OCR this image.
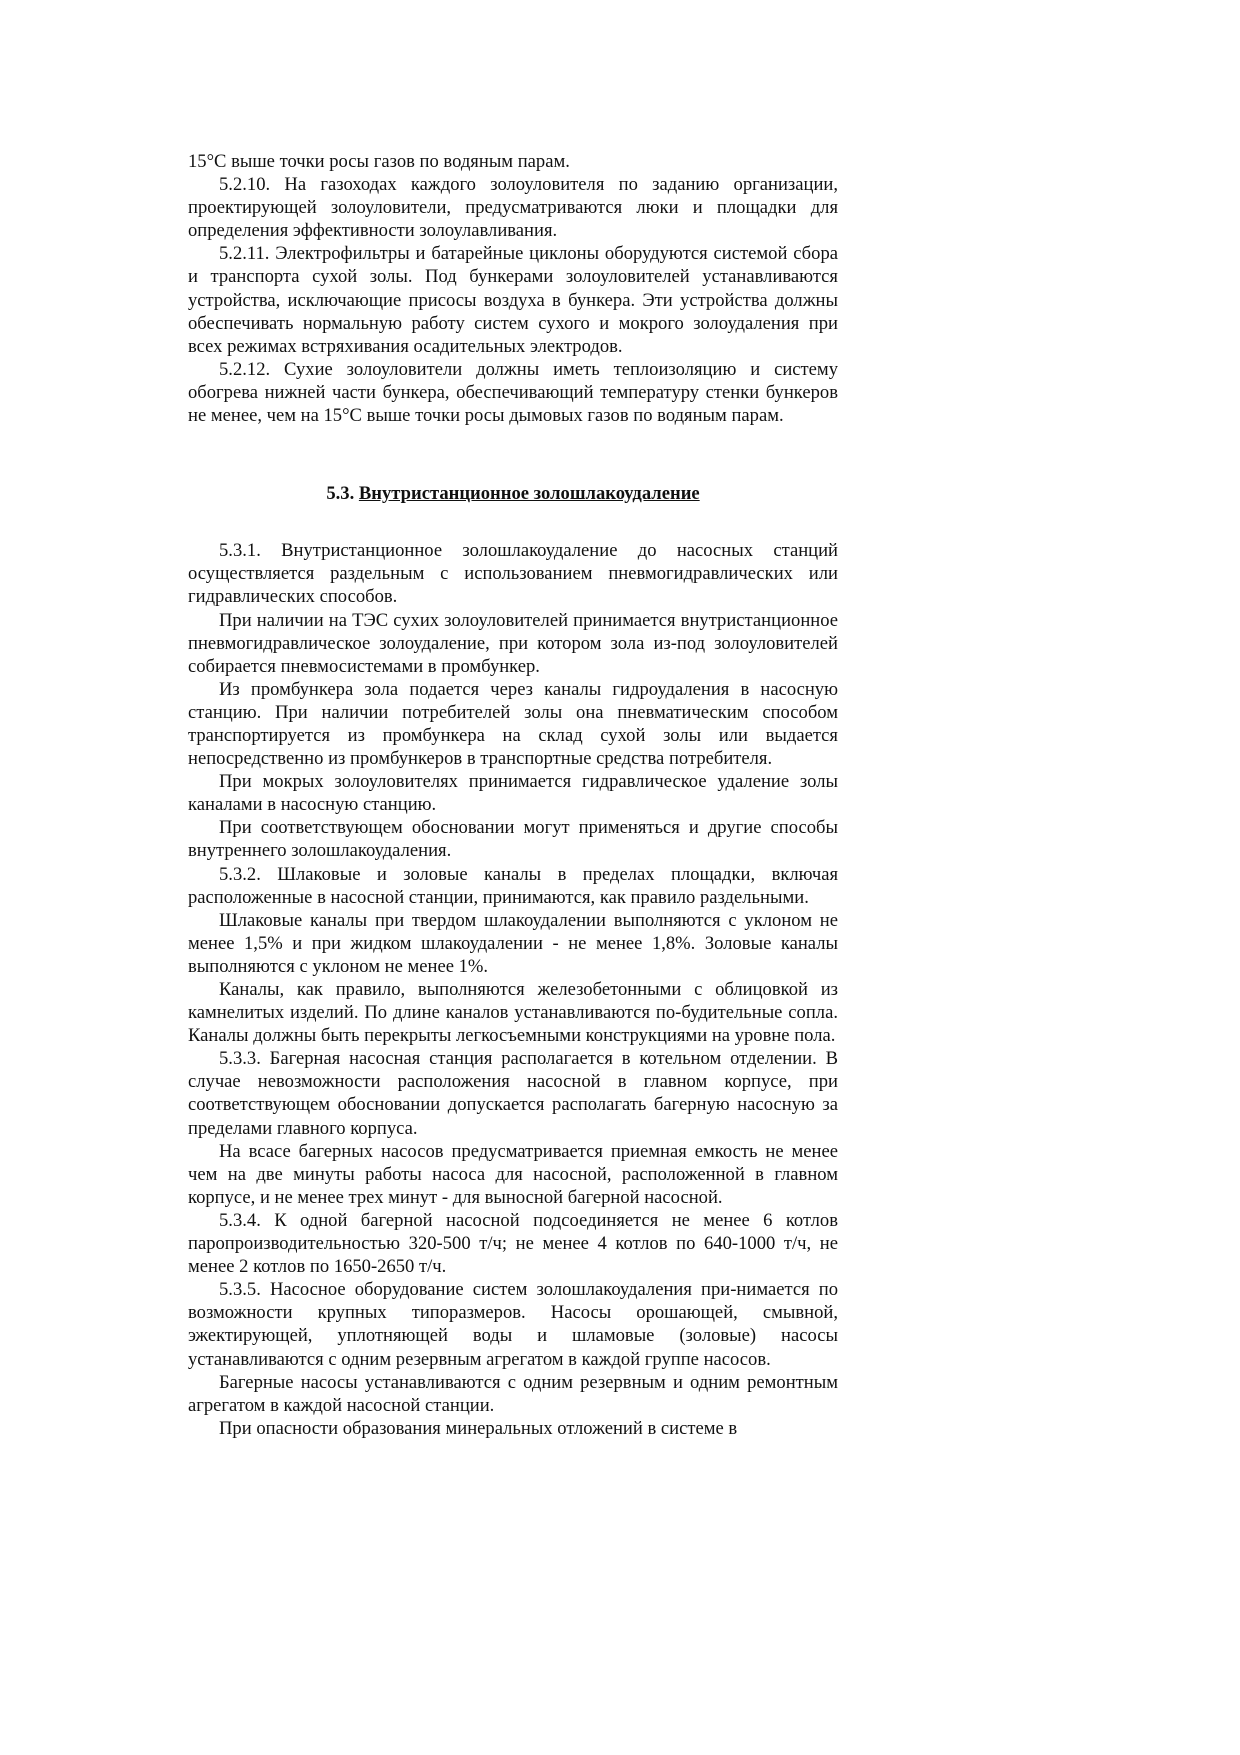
15°C выше точки росы газов по водяным парам.

5.2.10. На газоходах каждого золоуловителя по заданию организации, проектирующей золоуловители, предусматриваются люки и площадки для определения эффективности золоулавливания.

5.2.11. Электрофильтры и батарейные циклоны оборудуются системой сбора и транспорта сухой золы. Под бункерами золоуловителей устанавливаются устройства, исключающие присосы воздуха в бункера. Эти устройства должны обеспечивать нормальную работу систем сухого и мокрого золоудаления при всех режимах встряхивания осадительных электродов.

5.2.12. Сухие золоуловители должны иметь теплоизоляцию и систему обогрева нижней части бункера, обеспечивающий температуру стенки бункеров не менее, чем на 15°C выше точки росы дымовых газов по водяным парам.

5.3. Внутристанционное золошлакоудаление

5.3.1. Внутристанционное золошлакоудаление до насосных станций осуществляется раздельным с использованием пневмогидравлических или гидравлических способов.

При наличии на ТЭС сухих золоуловителей принимается внутристанционное пневмогидравлическое золоудаление, при котором зола из-под золоуловителей собирается пневмосистемами в промбункер.

Из промбункера зола подается через каналы гидроудаления в насосную станцию. При наличии потребителей золы она пневматическим способом транспортируется из промбункера на склад сухой золы или выдается непосредственно из промбункеров в транспортные средства потребителя.

При мокрых золоуловителях принимается гидравлическое удаление золы каналами в насосную станцию.

При соответствующем обосновании могут применяться и другие способы внутреннего золошлакоудаления.

5.3.2. Шлаковые и золовые каналы в пределах площадки, включая расположенные в насосной станции, принимаются, как правило раздельными.

Шлаковые каналы при твердом шлакоудалении выполняются с уклоном не менее 1,5% и при жидком шлакоудалении - не менее 1,8%. Золовые каналы выполняются с уклоном не менее 1%.

Каналы, как правило, выполняются железобетонными с облицовкой из камнелитых изделий. По длине каналов устанавливаются по-будительные сопла. Каналы должны быть перекрыты легкосъемными конструкциями на уровне пола.

5.3.3. Багерная насосная станция располагается в котельном отделении. В случае невозможности расположения насосной в главном корпусе, при соответствующем обосновании допускается располагать багерную насосную за пределами главного корпуса.

На всасе багерных насосов предусматривается приемная емкость не менее чем на две минуты работы насоса для насосной, расположенной в главном корпусе, и не менее трех минут - для выносной багерной насосной.

5.3.4. К одной багерной насосной подсоединяется не менее 6 котлов паропроизводительностью 320-500 т/ч; не менее 4 котлов по 640-1000 т/ч, не менее 2 котлов по 1650-2650 т/ч.

5.3.5. Насосное оборудование систем золошлакоудаления при-нимается по возможности крупных типоразмеров. Насосы орошающей, смывной, эжектирующей, уплотняющей воды и шламовые (золовые) насосы устанавливаются с одним резервным агрегатом в каждой группе насосов.

Багерные насосы устанавливаются с одним резервным и одним ремонтным агрегатом в каждой насосной станции.

При опасности образования минеральных отложений в системе в
